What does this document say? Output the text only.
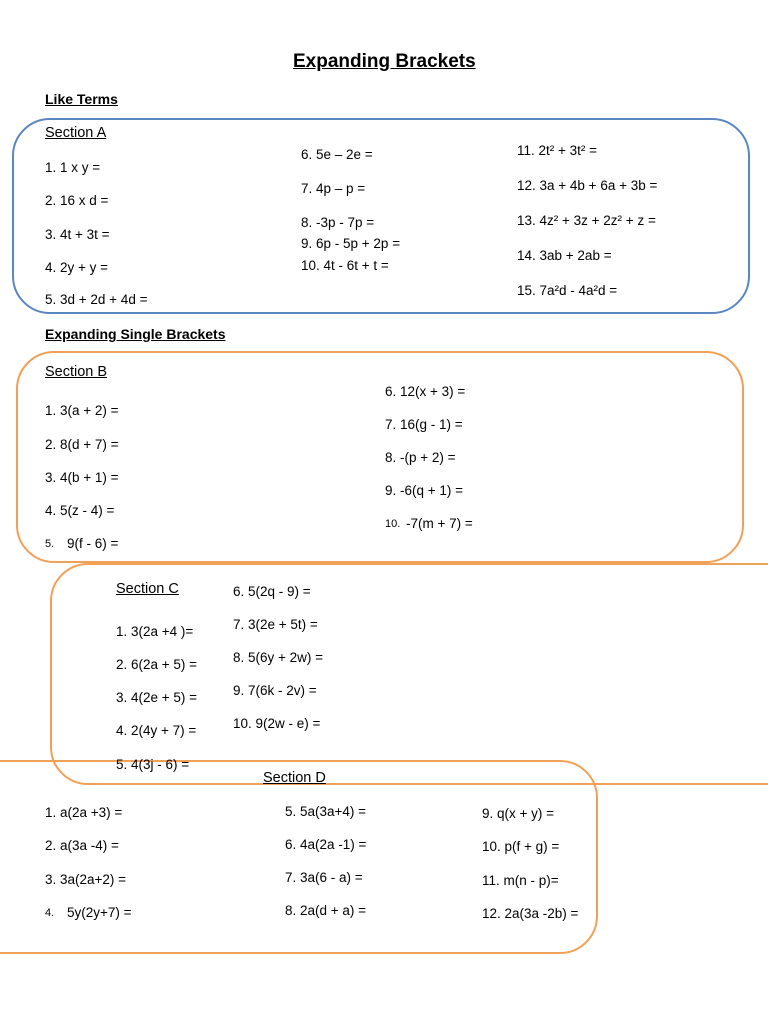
Expanding Brackets
Like Terms
Expanding Single Brackets
Section A
1. 1 x y =
2. 16 x d =
3. 4t + 3t =
4. 2y + y =
5. 3d + 2d + 4d =
6. 5e – 2e =
7. 4p – p =
8. -3p - 7p =
9. 6p - 5p + 2p =
10. 4t - 6t + t =
11. 2t² + 3t² =
12. 3a + 4b + 6a + 3b =
13. 4z² + 3z + 2z² + z =
14. 3ab + 2ab =
15. 7a²d - 4a²d =
Section B
1. 3(a + 2) =
2. 8(d + 7) =
3. 4(b + 1) =
4. 5(z - 4) =
5. 9(f - 6) =
6. 12(x + 3) =
7. 16(g - 1) =
8. -(p + 2) =
9. -6(q + 1) =
10. -7(m + 7) =
Section C
1. 3(2a +4 )=
2. 6(2a + 5) =
3. 4(2e + 5) =
4. 2(4y + 7) =
5. 4(3j - 6) =
6. 5(2q - 9) =
7. 3(2e + 5t) =
8. 5(6y + 2w) =
9. 7(6k - 2v) =
10. 9(2w - e) =
Section D
1. a(2a +3) =
2. a(3a -4) =
3. 3a(2a+2) =
4. 5y(2y+7) =
5. 5a(3a+4) =
6. 4a(2a -1) =
7. 3a(6 - a) =
8. 2a(d + a) =
9. q(x + y) =
10. p(f + g) =
11. m(n - p)=
12. 2a(3a -2b) =
